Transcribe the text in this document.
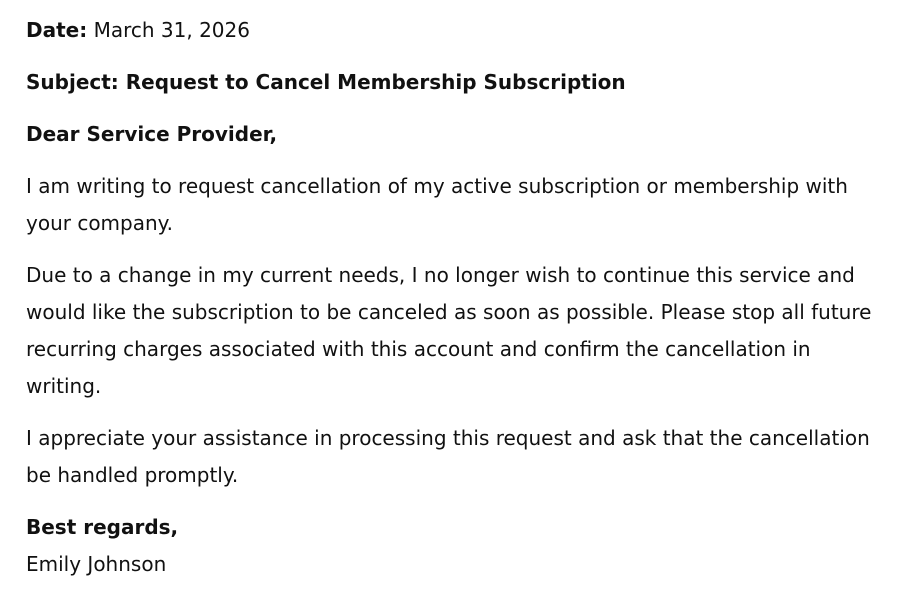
Date: March 31, 2026

Subject: Request to Cancel Membership Subscription

Dear Service Provider,

I am writing to request cancellation of my active subscription or membership with your company.

Due to a change in my current needs, I no longer wish to continue this service and would like the subscription to be canceled as soon as possible. Please stop all future recurring charges associated with this account and confirm the cancellation in writing.

I appreciate your assistance in processing this request and ask that the cancellation be handled promptly.

Best regards,

Emily Johnson
